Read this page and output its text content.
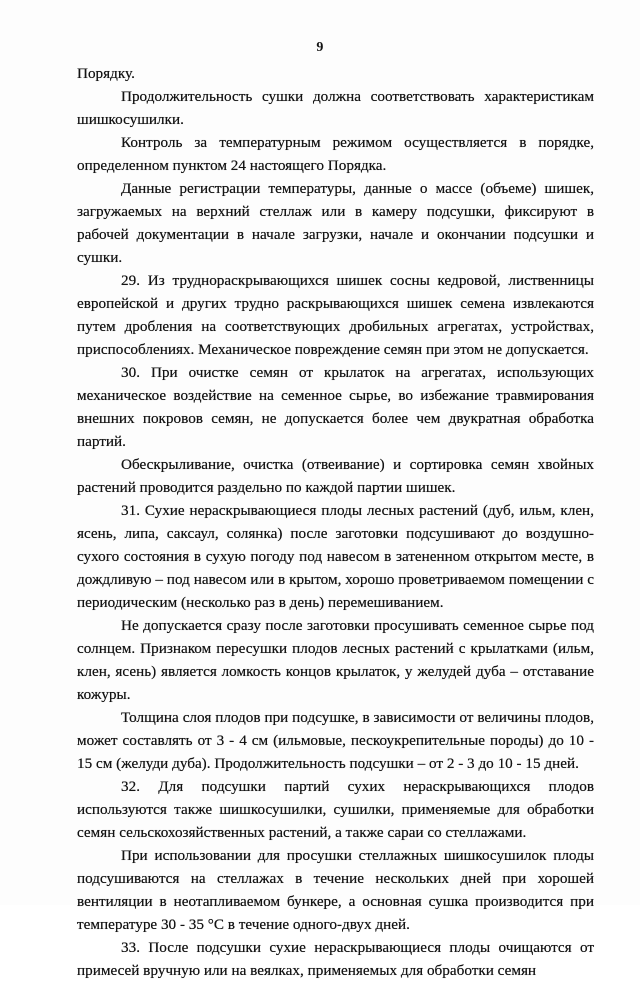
9

Порядку.

Продолжительность сушки должна соответствовать характеристикам шишкосушилки.

Контроль за температурным режимом осуществляется в порядке, определенном пунктом 24 настоящего Порядка.

Данные регистрации температуры, данные о массе (объеме) шишек, загружаемых на верхний стеллаж или в камеру подсушки, фиксируют в рабочей документации в начале загрузки, начале и окончании подсушки и сушки.

29. Из труднораскрывающихся шишек сосны кедровой, лиственницы европейской и других трудно раскрывающихся шишек семена извлекаются путем дробления на соответствующих дробильных агрегатах, устройствах, приспособлениях. Механическое повреждение семян при этом не допускается.

30. При очистке семян от крылаток на агрегатах, использующих механическое воздействие на семенное сырье, во избежание травмирования внешних покровов семян, не допускается более чем двукратная обработка партий.

Обескрыливание, очистка (отвеивание) и сортировка семян хвойных растений проводится раздельно по каждой партии шишек.

31. Сухие нераскрывающиеся плоды лесных растений (дуб, ильм, клен, ясень, липа, саксаул, солянка) после заготовки подсушивают до воздушно-сухого состояния в сухую погоду под навесом в затененном открытом месте, в дождливую – под навесом или в крытом, хорошо проветриваемом помещении с периодическим (несколько раз в день) перемешиванием.

Не допускается сразу после заготовки просушивать семенное сырье под солнцем. Признаком пересушки плодов лесных растений с крылатками (ильм, клен, ясень) является ломкость концов крылаток, у желудей дуба – отставание кожуры.

Толщина слоя плодов при подсушке, в зависимости от величины плодов, может составлять от 3 - 4 см (ильмовые, пескоукрепительные породы) до 10 - 15 см (желуди дуба). Продолжительность подсушки – от 2 - 3 до 10 - 15 дней.

32. Для подсушки партий сухих нераскрывающихся плодов используются также шишкосушилки, сушилки, применяемые для обработки семян сельскохозяйственных растений, а также сараи со стеллажами.

При использовании для просушки стеллажных шишкосушилок плоды подсушиваются на стеллажах в течение нескольких дней при хорошей вентиляции в неотапливаемом бункере, а основная сушка производится при температуре 30 - 35 °С в течение одного-двух дней.

33. После подсушки сухие нераскрывающиеся плоды очищаются от примесей вручную или на веялках, применяемых для обработки семян
